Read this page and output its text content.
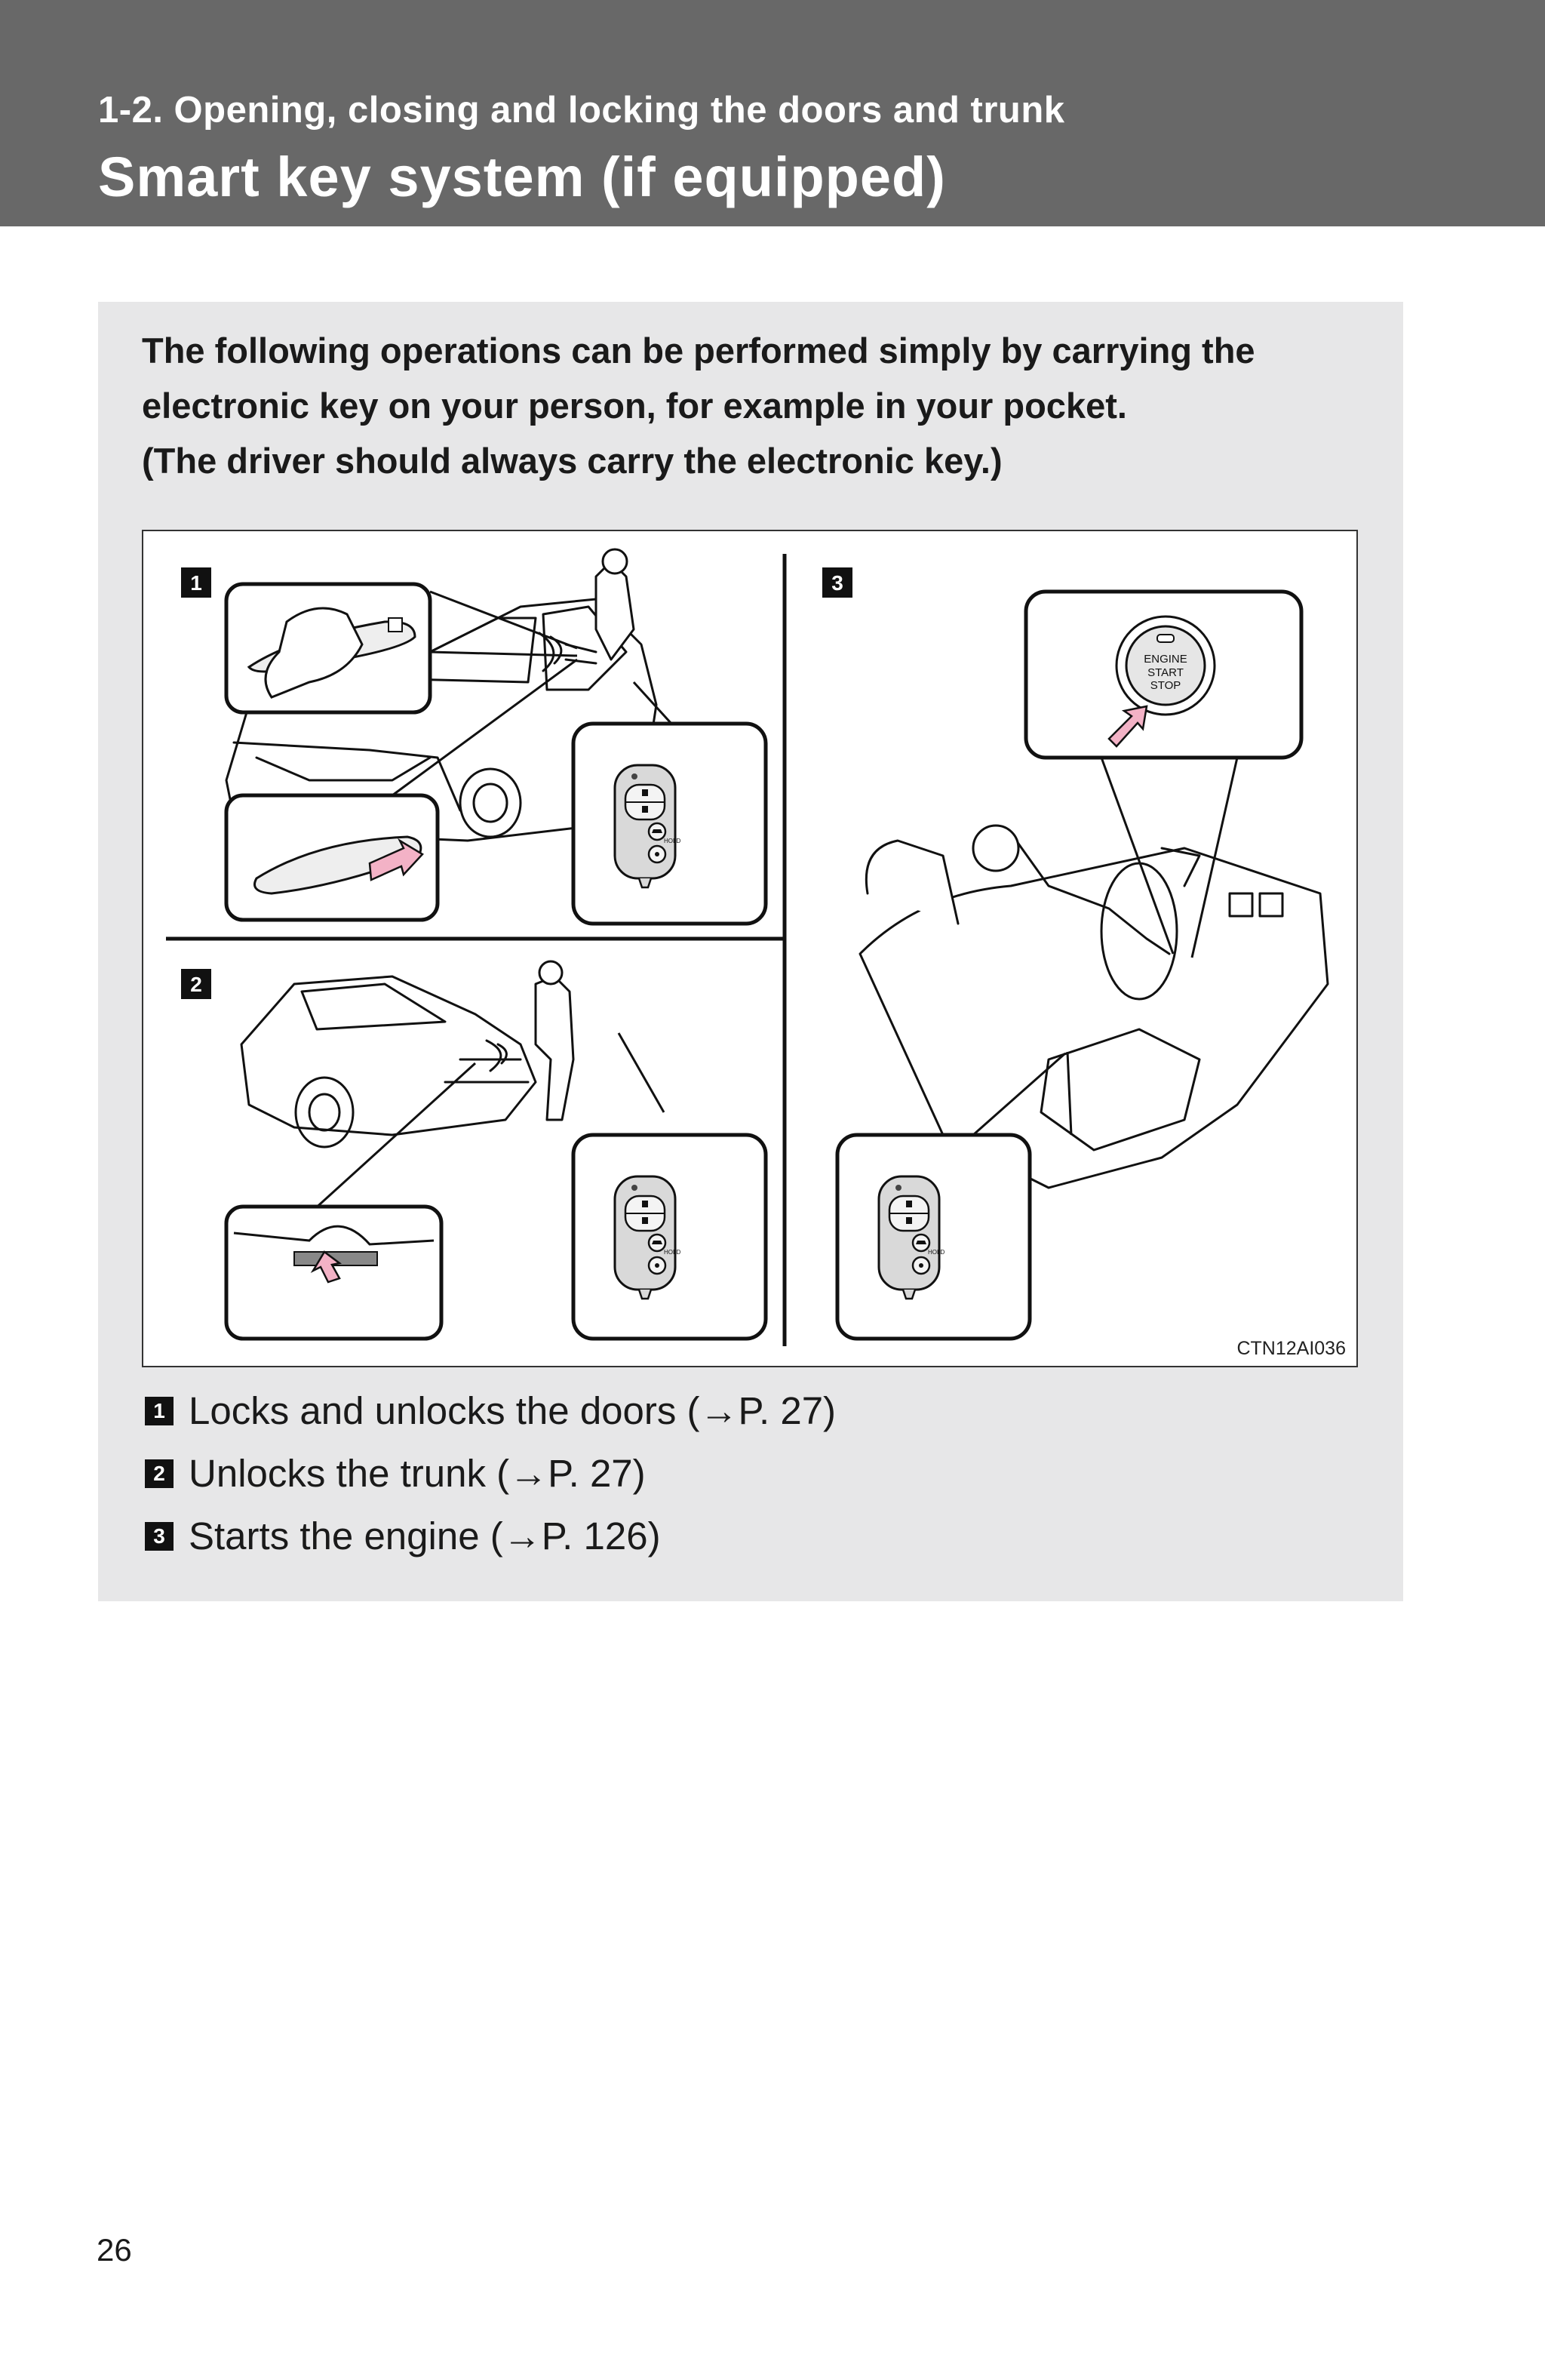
1-2. Opening, closing and locking the doors and trunk
Smart key system (if equipped)

The following operations can be performed simply by carrying the

electronic key on your person, for example in your pocket.

(The driver should always carry the electronic key.)

1
2
3
HOLD
HOLD
ENGINE
START
STOP
HOLD
CTN12AI036
1 Locks and unlocks the doors (→P. 27)
2 Unlocks the trunk (→P. 27)
3 Starts the engine (→P. 126)
26
